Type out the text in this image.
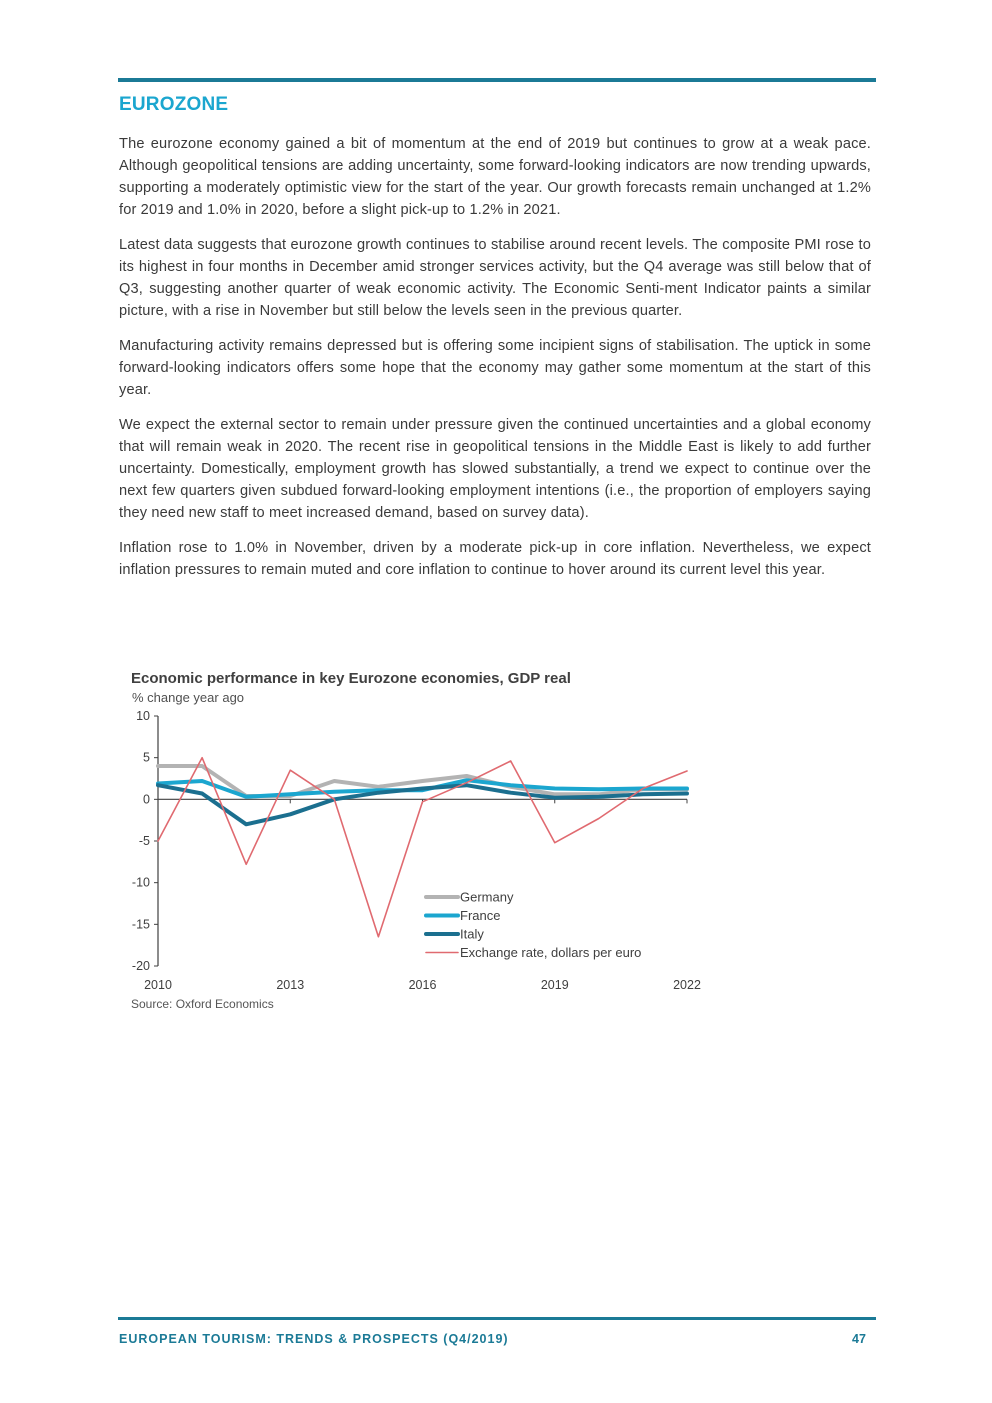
EUROZONE

The eurozone economy gained a bit of momentum at the end of 2019 but continues to grow at a weak pace. Although geopolitical tensions are adding uncertainty, some forward-looking indicators are now trending upwards, supporting a moderately optimistic view for the start of the year. Our growth forecasts remain unchanged at 1.2% for 2019 and 1.0% in 2020, before a slight pick-up to 1.2% in 2021.

Latest data suggests that eurozone growth continues to stabilise around recent levels. The composite PMI rose to its highest in four months in December amid stronger services activity, but the Q4 average was still below that of Q3, suggesting another quarter of weak economic activity. The Economic Senti-ment Indicator paints a similar picture, with a rise in November but still below the levels seen in the previous quarter.

Manufacturing activity remains depressed but is offering some incipient signs of stabilisation. The uptick in some forward-looking indicators offers some hope that the economy may gather some momentum at the start of this year.

We expect the external sector to remain under pressure given the continued uncertainties and a global economy that will remain weak in 2020. The recent rise in geopolitical tensions in the Middle East is likely to add further uncertainty. Domestically, employment growth has slowed substantially, a trend we expect to continue over the next few quarters given subdued forward-looking employment intentions (i.e., the proportion of employers saying they need new staff to meet increased demand, based on survey data).

Inflation rose to 1.0% in November, driven by a moderate pick-up in core inflation. Nevertheless, we expect inflation pressures to remain muted and core inflation to continue to hover around its current level this year.

Economic performance in key Eurozone economies, GDP real
% change year ago
10
5
0
-5
-10
-15
-20
2010	2013	2016	2019	2022
Germany
France
Italy
Exchange rate, dollars per euro
Source: Oxford Economics
EUROPEAN TOURISM: TRENDS & PROSPECTS (Q4/2019)	47
